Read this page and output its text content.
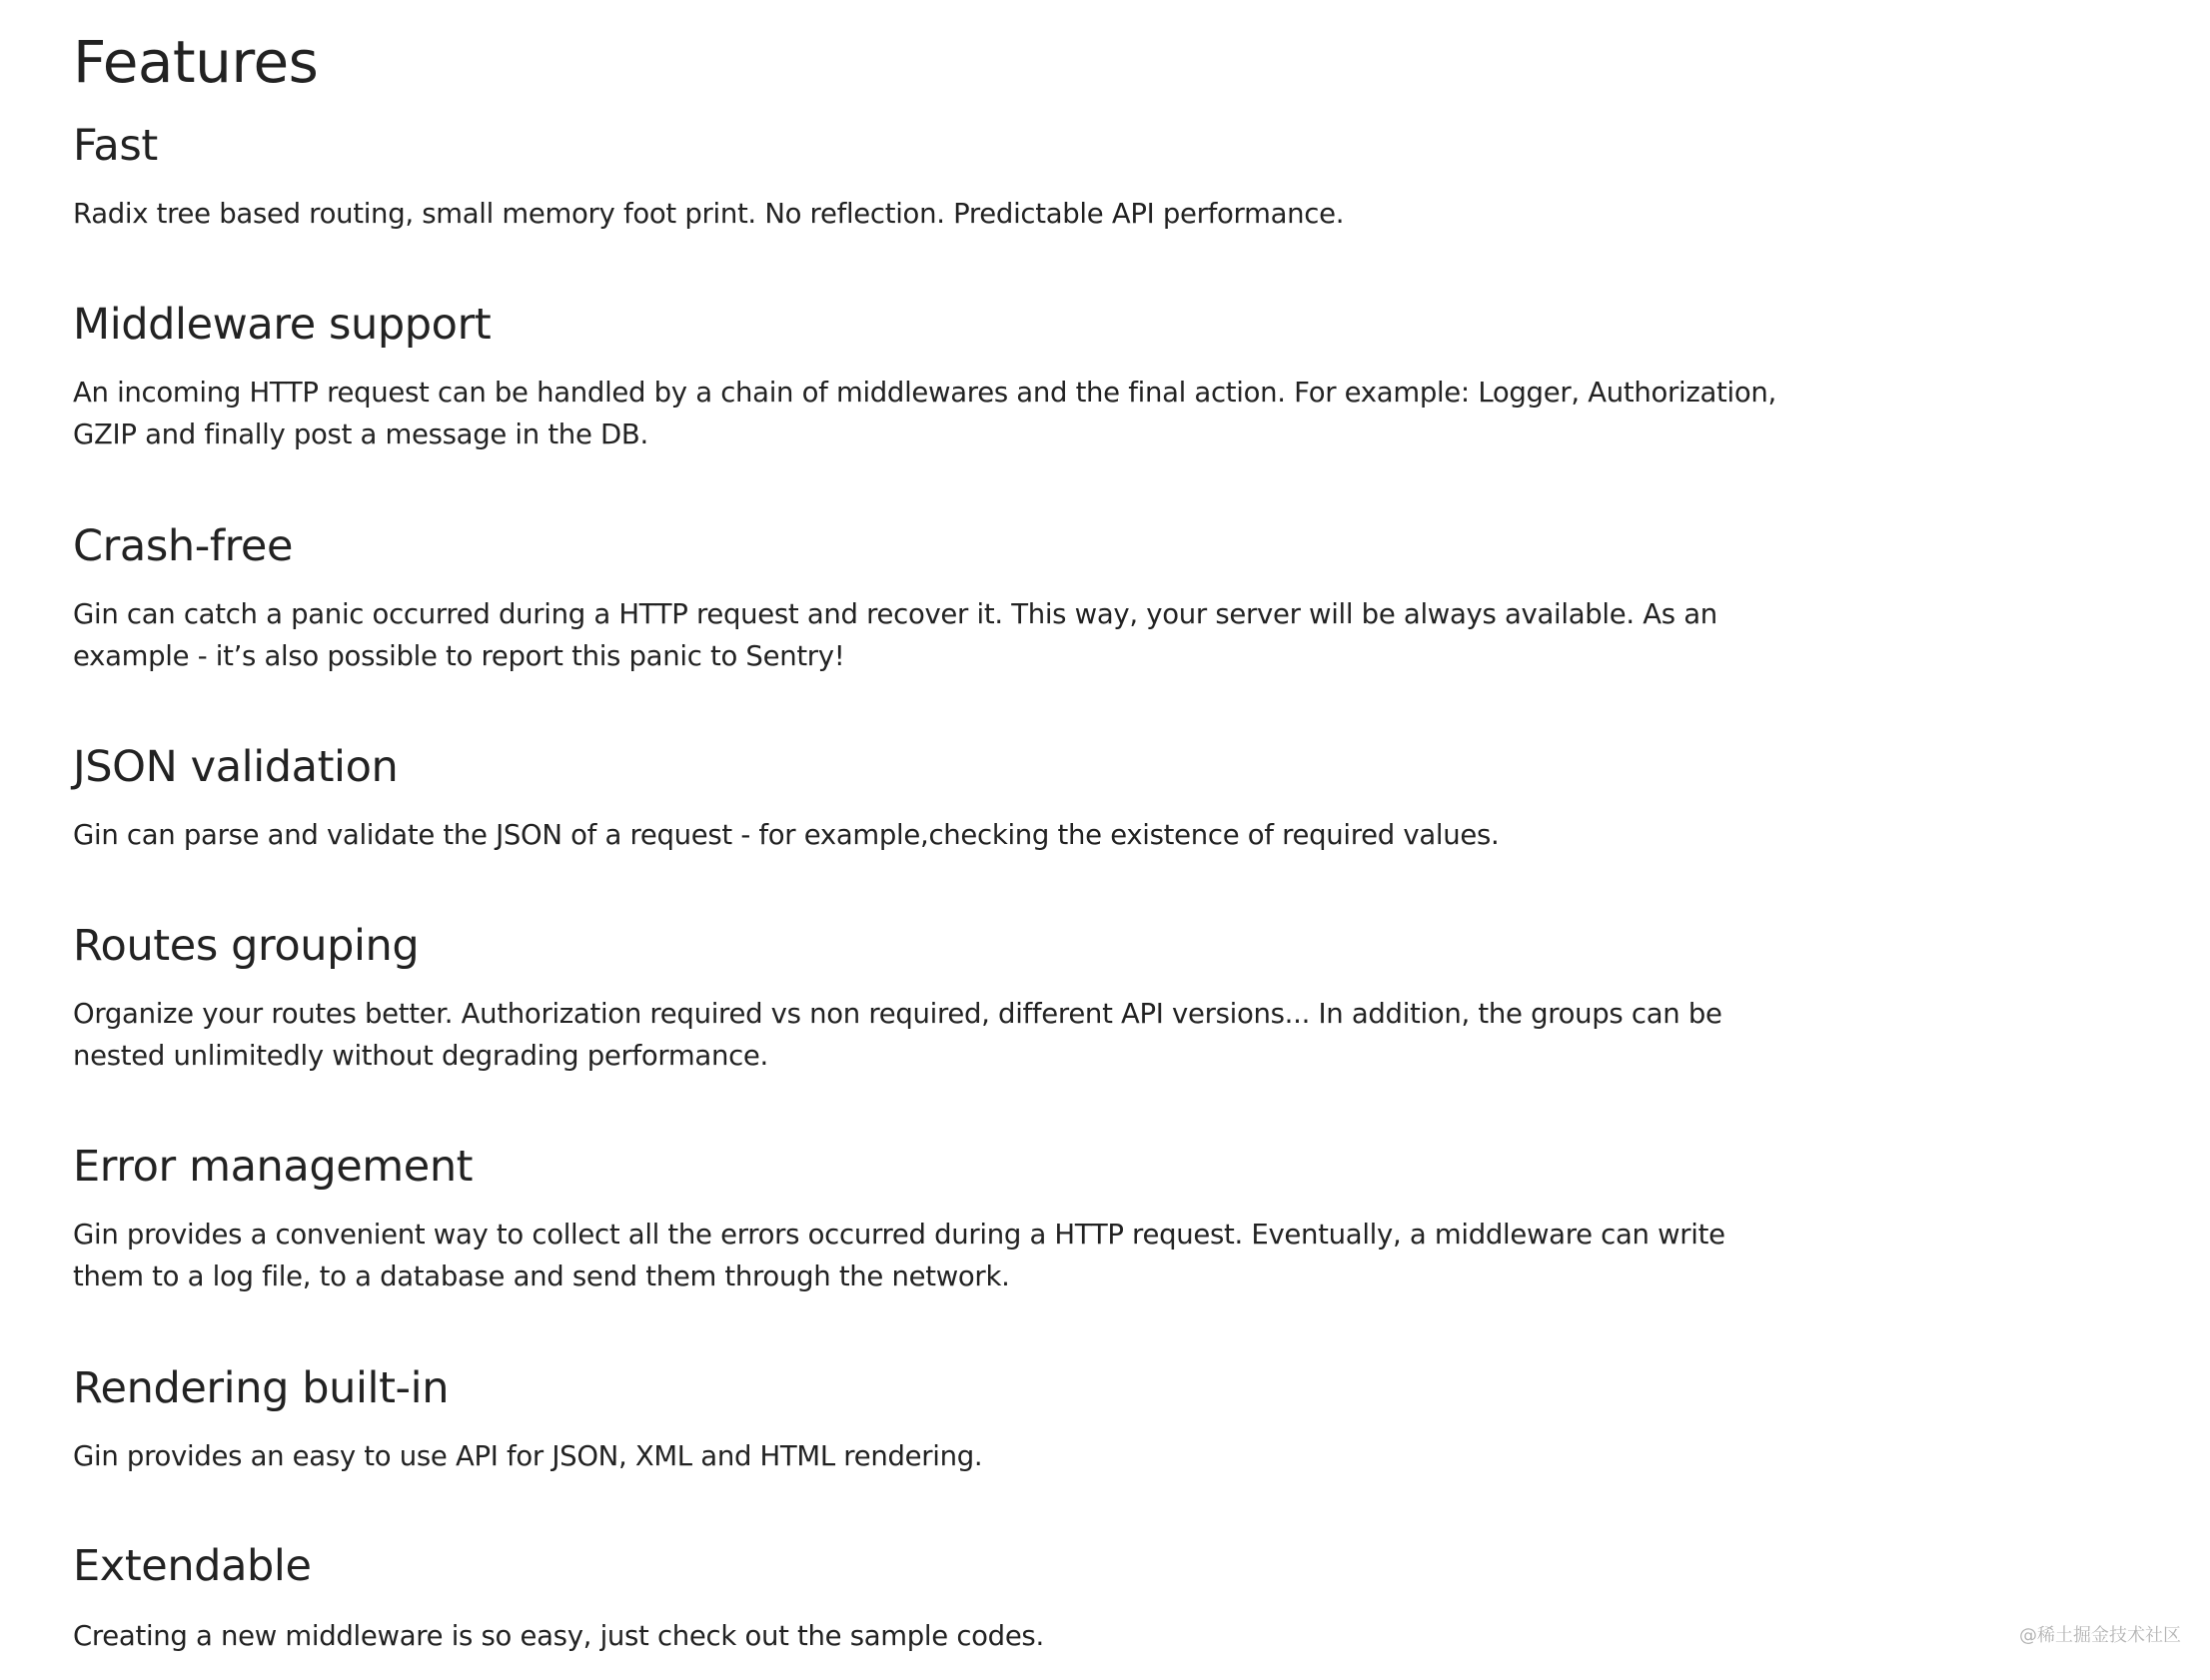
Features
Fast

Radix tree based routing, small memory foot print. No reflection. Predictable API performance.

Middleware support

An incoming HTTP request can be handled by a chain of middlewares and the final action. For example: Logger, Authorization, GZIP and finally post a message in the DB.

Crash-free

Gin can catch a panic occurred during a HTTP request and recover it. This way, your server will be always available. As an example - it’s also possible to report this panic to Sentry!

JSON validation

Gin can parse and validate the JSON of a request - for example,checking the existence of required values.

Routes grouping

Organize your routes better. Authorization required vs non required, different API versions... In addition, the groups can be nested unlimitedly without degrading performance.

Error management

Gin provides a convenient way to collect all the errors occurred during a HTTP request. Eventually, a middleware can write them to a log file, to a database and send them through the network.

Rendering built-in

Gin provides an easy to use API for JSON, XML and HTML rendering.

Extendable

Creating a new middleware is so easy, just check out the sample codes.	@稀土掘金技术社区
